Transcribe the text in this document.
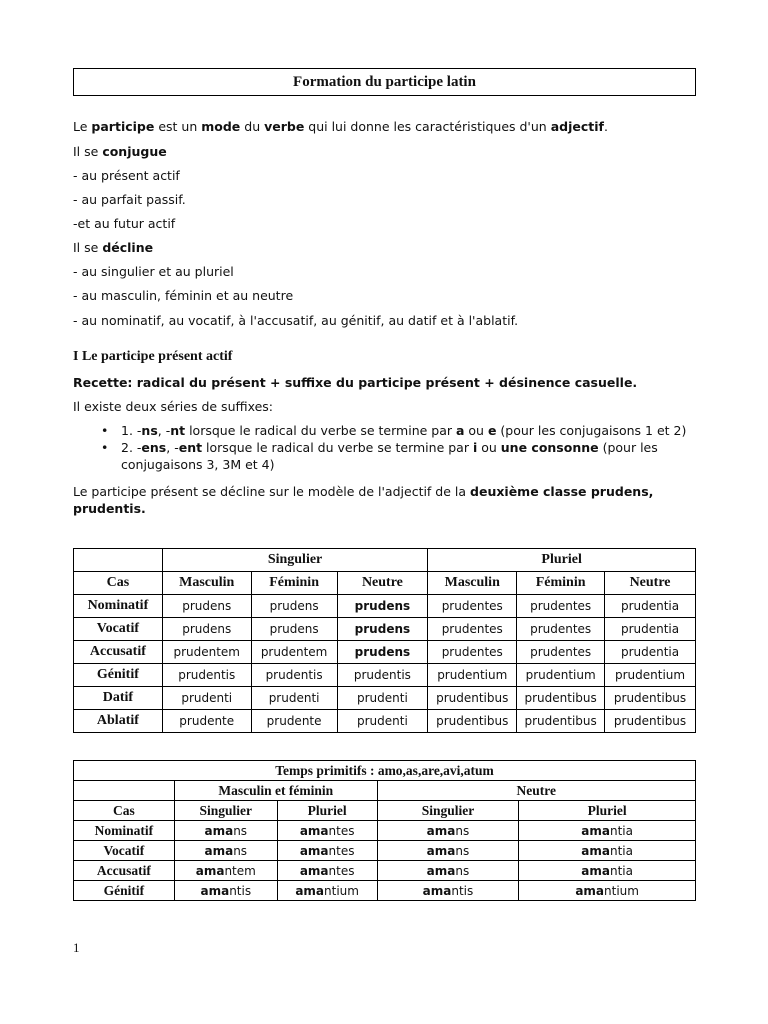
Formation du participe latin
Le participe est un mode du verbe qui lui donne les caractéristiques d'un adjectif.
Il se conjugue
- au présent actif
- au parfait passif.
-et au futur actif
Il se décline
- au singulier et au pluriel
- au masculin, féminin et au neutre
- au nominatif, au vocatif, à l'accusatif, au génitif, au datif et à l'ablatif.
I Le participe présent actif
Recette: radical du présent + suffixe du participe présent + désinence casuelle.
Il existe deux séries de suffixes:
• 1. -ns, -nt lorsque le radical du verbe se termine par a ou e (pour les conjugaisons 1 et 2)
• 2. -ens, -ent lorsque le radical du verbe se termine par i ou une consonne (pour les
conjugaisons 3, 3M et 4)
Le participe présent se décline sur le modèle de l'adjectif de la deuxième classe prudens,
prudentis.
	Singulier			Pluriel		
Cas	Masculin	Féminin	Neutre	Masculin	Féminin	Neutre
Nominatif	prudens	prudens	prudens	prudentes	prudentes	prudentia
Vocatif	prudens	prudens	prudens	prudentes	prudentes	prudentia
Accusatif	prudentem	prudentem	prudens	prudentes	prudentes	prudentia
Génitif	prudentis	prudentis	prudentis	prudentium	prudentium	prudentium
Datif	prudenti	prudenti	prudenti	prudentibus	prudentibus	prudentibus
Ablatif	prudente	prudente	prudenti	prudentibus	prudentibus	prudentibus
Temps primitifs : amo,as,are,avi,atum				
	Masculin et féminin		Neutre	
Cas	Singulier	Pluriel	Singulier	Pluriel
Nominatif	amans	amantes	amans	amantia
Vocatif	amans	amantes	amans	amantia
Accusatif	amantem	amantes	amans	amantia
Génitif	amantis	amantium	amantis	amantium
1
